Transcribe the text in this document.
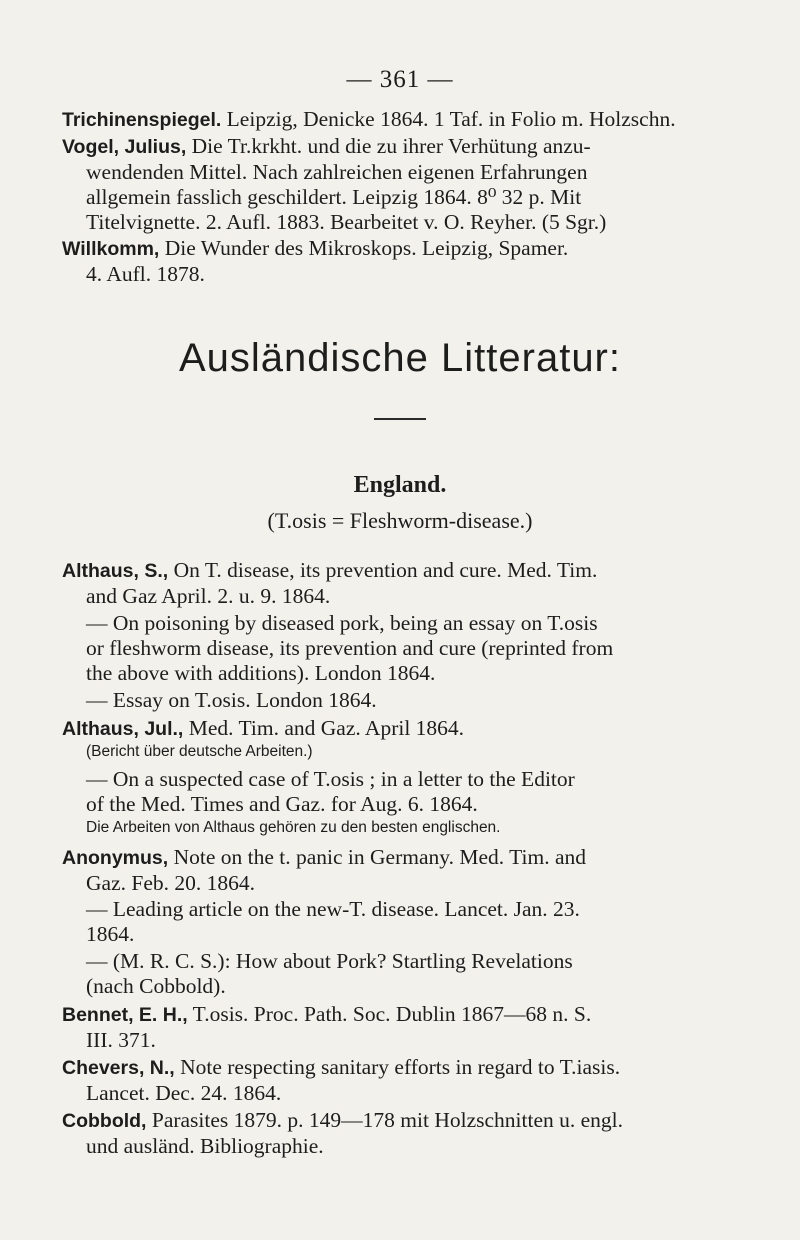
— 361 —
Trichinenspiegel. Leipzig, Denicke 1864. 1 Taf. in Folio m. Holzschn.
Vogel, Julius, Die Tr.krkht. und die zu ihrer Verhütung anzu-
wendenden Mittel. Nach zahlreichen eigenen Erfahrungen
allgemein fasslich geschildert. Leipzig 1864. 8⁰ 32 p. Mit
Titelvignette. 2. Aufl. 1883. Bearbeitet v. O. Reyher. (5 Sgr.)
Willkomm, Die Wunder des Mikroskops. Leipzig, Spamer.
4. Aufl. 1878.
Ausländische Litteratur:
England.
(T.osis = Fleshworm-disease.)
Althaus, S., On T. disease, its prevention and cure. Med. Tim.
and Gaz April. 2. u. 9. 1864.
— On poisoning by diseased pork, being an essay on T.osis
or fleshworm disease, its prevention and cure (reprinted from
the above with additions). London 1864.
— Essay on T.osis. London 1864.
Althaus, Jul., Med. Tim. and Gaz. April 1864.
(Bericht über deutsche Arbeiten.)
— On a suspected case of T.osis ; in a letter to the Editor
of the Med. Times and Gaz. for Aug. 6. 1864.
Die Arbeiten von Althaus gehören zu den besten englischen.
Anonymus, Note on the t. panic in Germany. Med. Tim. and
Gaz. Feb. 20. 1864.
— Leading article on the new-T. disease. Lancet. Jan. 23.
1864.
— (M. R. C. S.): How about Pork? Startling Revelations
(nach Cobbold).
Bennet, E. H., T.osis. Proc. Path. Soc. Dublin 1867—68 n. S.
III. 371.
Chevers, N., Note respecting sanitary efforts in regard to T.iasis.
Lancet. Dec. 24. 1864.
Cobbold, Parasites 1879. p. 149—178 mit Holzschnitten u. engl.
und ausländ. Bibliographie.
